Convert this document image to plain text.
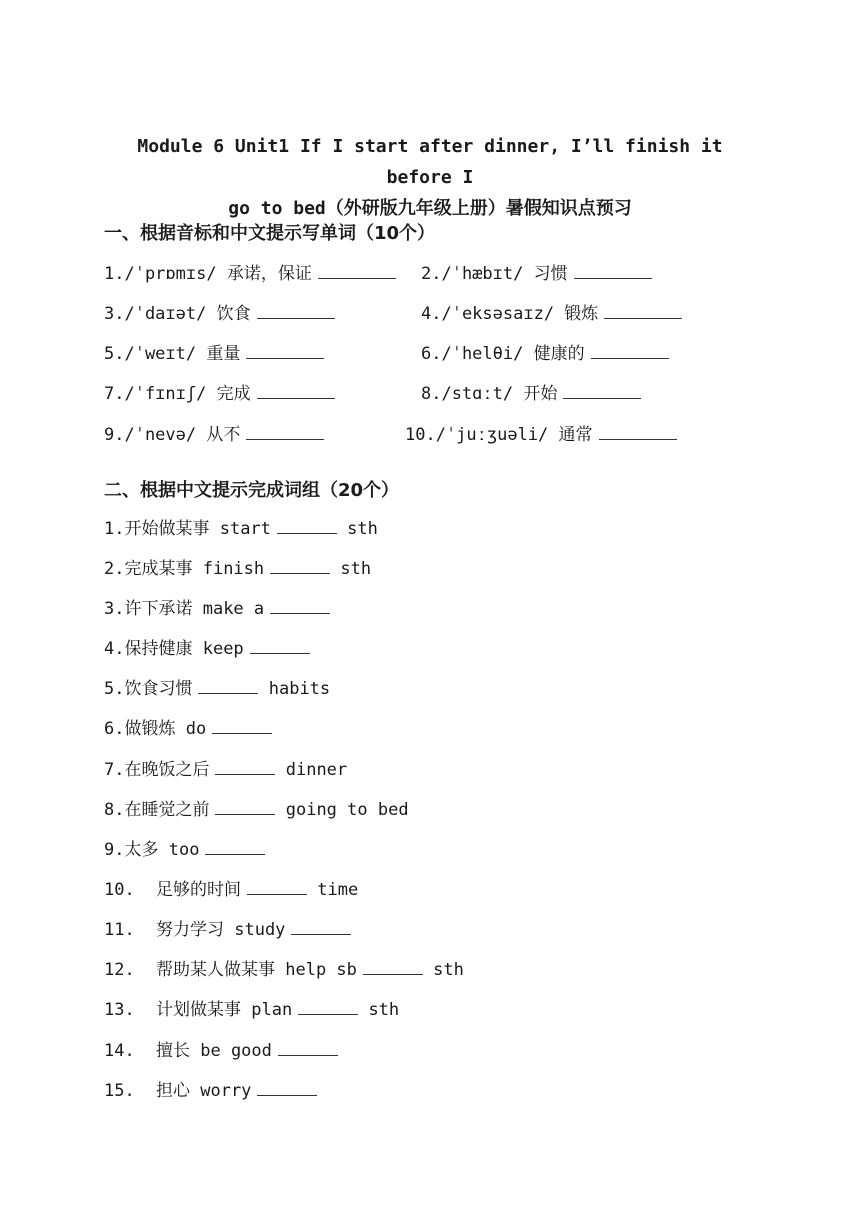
Module 6 Unit1 If I start after dinner, I’ll finish it before I
go to bed（外研版九年级上册）暑假知识点预习
一、根据音标和中文提示写单词（10个）
1./ˈprɒmɪs/ 承诺，保证	2./ˈhæbɪt/ 习惯
3./ˈdaɪət/ 饮食	4./ˈeksəsaɪz/ 锻炼
5./ˈweɪt/ 重量	6./ˈhelθi/ 健康的
7./ˈfɪnɪʃ/ 完成	8./stɑːt/ 开始
9./ˈnevə/ 从不	10./ˈjuːʒuəli/ 通常
二、根据中文提示完成词组（20个）
1.开始做某事 start	sth
2.完成某事 finish	sth
3.许下承诺 make a
4.保持健康 keep
5.饮食习惯	habits
6.做锻炼 do
7.在晚饭之后	dinner
8.在睡觉之前	going to bed
9.太多 too
10. 足够的时间	time
11. 努力学习 study
12. 帮助某人做某事 help sb	sth
13. 计划做某事 plan	sth
14. 擅长 be good
15. 担心 worry
